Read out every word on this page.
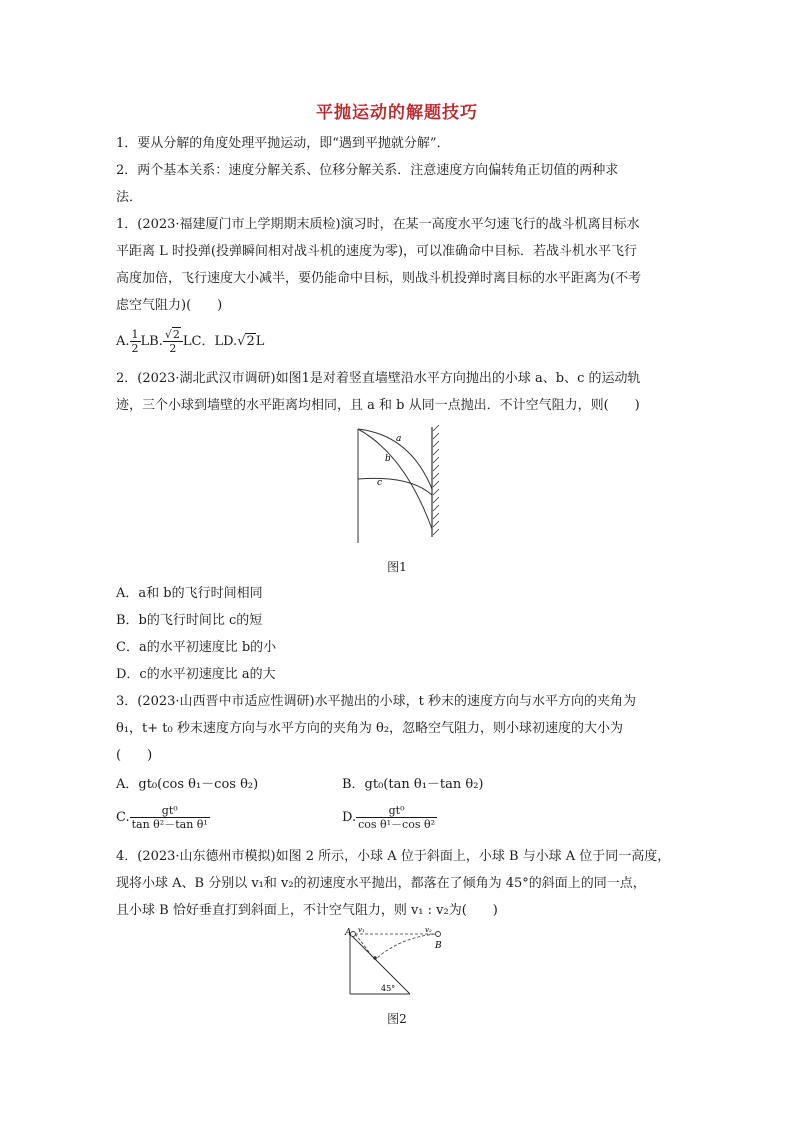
平抛运动的解题技巧
1．要从分解的角度处理平抛运动，即“遇到平抛就分解”．
2．两个基本关系：速度分解关系、位移分解关系．注意速度方向偏转角正切值的两种求
法．
1．(2023·福建厦门市上学期期末质检)演习时，在某一高度水平匀速飞行的战斗机离目标水
平距离 L 时投弹(投弹瞬间相对战斗机的速度为零)，可以准确命中目标．若战斗机水平飞行
高度加倍，飞行速度大小减半，要仍能命中目标，则战斗机投弹时离目标的水平距离为(不考
虑空气阻力)(　　)
A. $\frac{1}{2}$ LB. $\frac{√2}{2}$ LC．LD.√2L
2．(2023·湖北武汉市调研)如图1是对着竖直墙壁沿水平方向抛出的小球 a、b、c 的运动轨
迹，三个小球到墙壁的水平距离均相同，且 a 和 b 从同一点抛出．不计空气阻力，则(　　)
a
b
c
图1
A．a和 b的飞行时间相同
B．b的飞行时间比 c的短
C．a的水平初速度比 b的小
D．c的水平初速度比 a的大
3．(2023·山西晋中市适应性调研)水平抛出的小球，t 秒末的速度方向与水平方向的夹角为
θ₁，t+ t₀ 秒末速度方向与水平方向的夹角为 θ₂，忽略空气阻力，则小球初速度的大小为
(　　)
A．gt₀(cos θ₁－cos θ₂)	B．gt₀(tan θ₁－tan θ₂)
C. $\frac{\text{gt⁰}}{\text{tan θ²－tan θ¹}}$	D. $\frac{\text{gt⁰}}{\text{cos θ¹－cos θ²}}$
4．(2023·山东德州市模拟)如图 2 所示，小球 A 位于斜面上，小球 B 与小球 A 位于同一高度，
现将小球 A、B 分别以 v₁和 v₂的初速度水平抛出，都落在了倾角为 45°的斜面上的同一点，
且小球 B 恰好垂直打到斜面上，不计空气阻力，则 v₁ : v₂为(　　)
A
B
v₁	v₂
45°
图2
